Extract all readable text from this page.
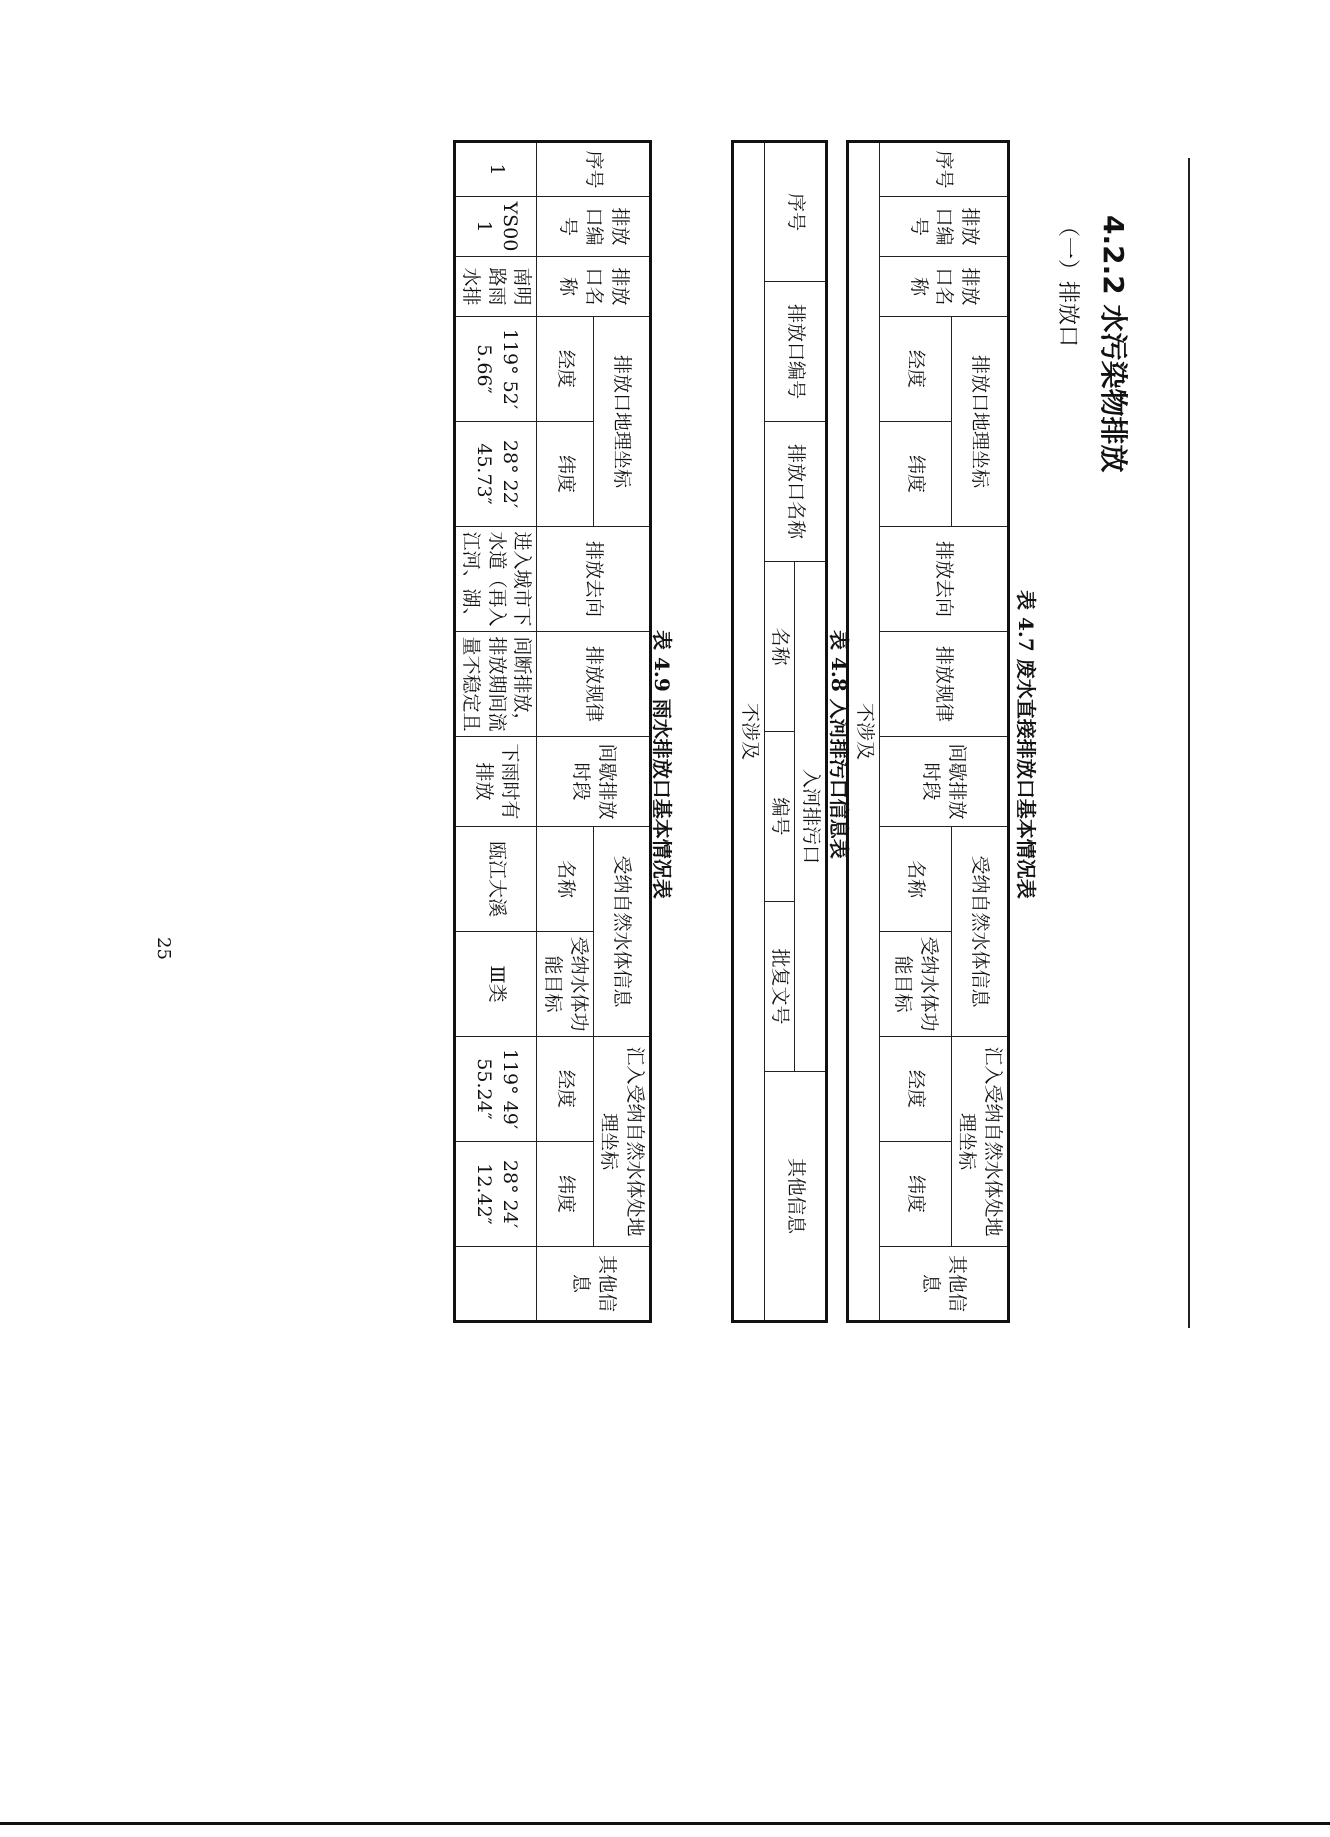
25
4.2.2 水污染物排放
（一）排放口
表 4.7 废水直接排放口基本情况表
序号	排放口编号	排放口名称	排放口地理坐标		排放去向	排放规律	间歇排放时段	受纳自然水体信息		汇入受纳自然水体处地理坐标		其他信息
			经度	纬度				名称	受纳水体功能目标	经度	纬度	
不涉及												
表 4.8 入河排污口信息表
序号	排放口编号	排放口名称	入河排污口			其他信息
			名称	编号	批复文号	
不涉及						
表 4.9 雨水排放口基本情况表
序号	排放口编号	排放口名称	排放口地理坐标		排放去向	排放规律	间歇排放时段	受纳自然水体信息		汇入受纳自然水体处地理坐标		其他信息
			经度	纬度				名称	受纳水体功能目标	经度	纬度	
1	YS001	南明路雨水排	119° 52′ 5.66″	28° 22′ 45.73″	进入城市下水道（再入江河、湖、	间断排放，排放期间流量不稳定且	下雨时有排放	瓯江大溪	Ⅲ类	119° 49′ 55.24″	28° 24′ 12.42″	
